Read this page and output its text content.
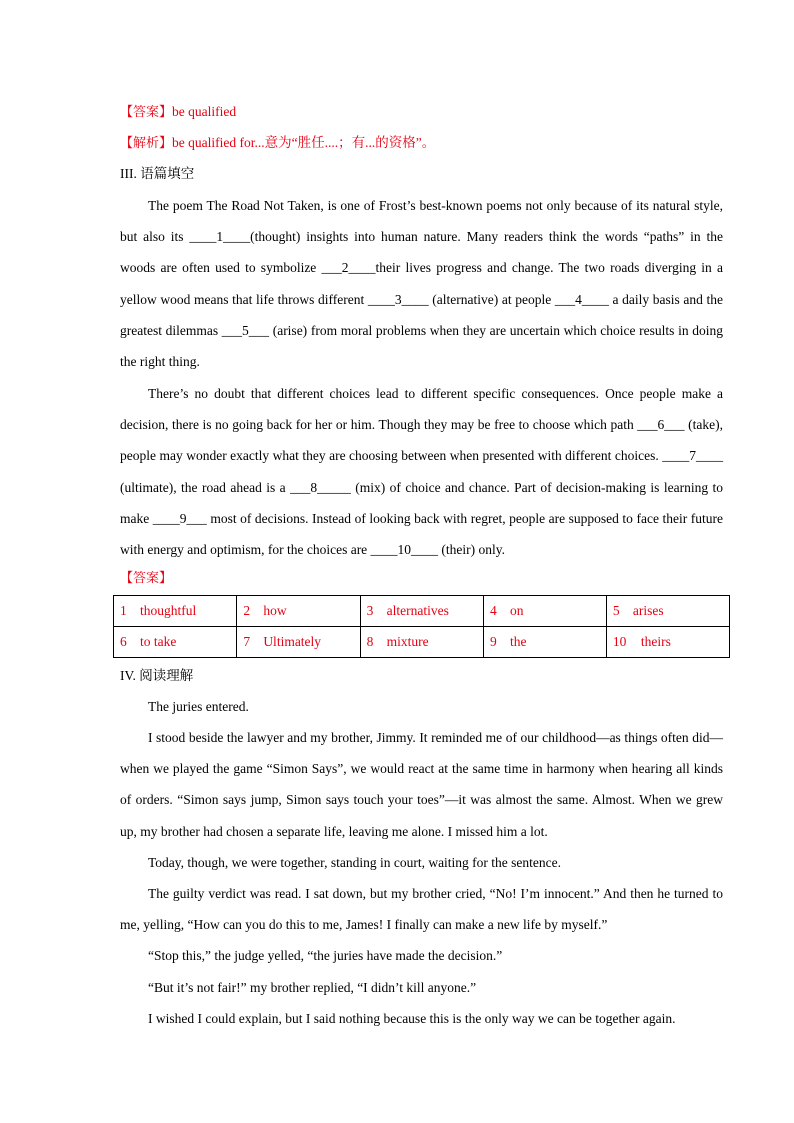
【答案】be qualified
【解析】be qualified for...意为“胜任....；有...的资格”。
III. 语篇填空

The poem The Road Not Taken, is one of Frost’s best-known poems not only because of its natural style, but also its ____1____(thought) insights into human nature. Many readers think the words “paths” in the woods are often used to symbolize ___2____their lives progress and change. The two roads diverging in a yellow wood means that life throws different ____3____ (alternative) at people ___4____ a daily basis and the greatest dilemmas ___5___ (arise) from moral problems when they are uncertain which choice results in doing the right thing.

There’s no doubt that different choices lead to different specific consequences. Once people make a decision, there is no going back for her or him. Though they may be free to choose which path ___6___ (take), people may wonder exactly what they are choosing between when presented with different choices. ____7____ (ultimate), the road ahead is a ___8_____ (mix) of choice and chance. Part of decision-making is learning to make ____9___ most of decisions. Instead of looking back with regret, people are supposed to face their future with energy and optimism, for the choices are ____10____ (their) only.

【答案】
1 thoughtful	2 how	3 alternatives	4 on	5 arises
6 to take	7 Ultimately	8 mixture	9 the	10 theirs
IV. 阅读理解

The juries entered.

I stood beside the lawyer and my brother, Jimmy. It reminded me of our childhood—as things often did—when we played the game “Simon Says”, we would react at the same time in harmony when hearing all kinds of orders. “Simon says jump, Simon says touch your toes”—it was almost the same. Almost. When we grew up, my brother had chosen a separate life, leaving me alone. I missed him a lot.

Today, though, we were together, standing in court, waiting for the sentence.

The guilty verdict was read. I sat down, but my brother cried, “No! I’m innocent.” And then he turned to me, yelling, “How can you do this to me, James! I finally can make a new life by myself.”

“Stop this,” the judge yelled, “the juries have made the decision.”

“But it’s not fair!” my brother replied, “I didn’t kill anyone.”

I wished I could explain, but I said nothing because this is the only way we can be together again.
